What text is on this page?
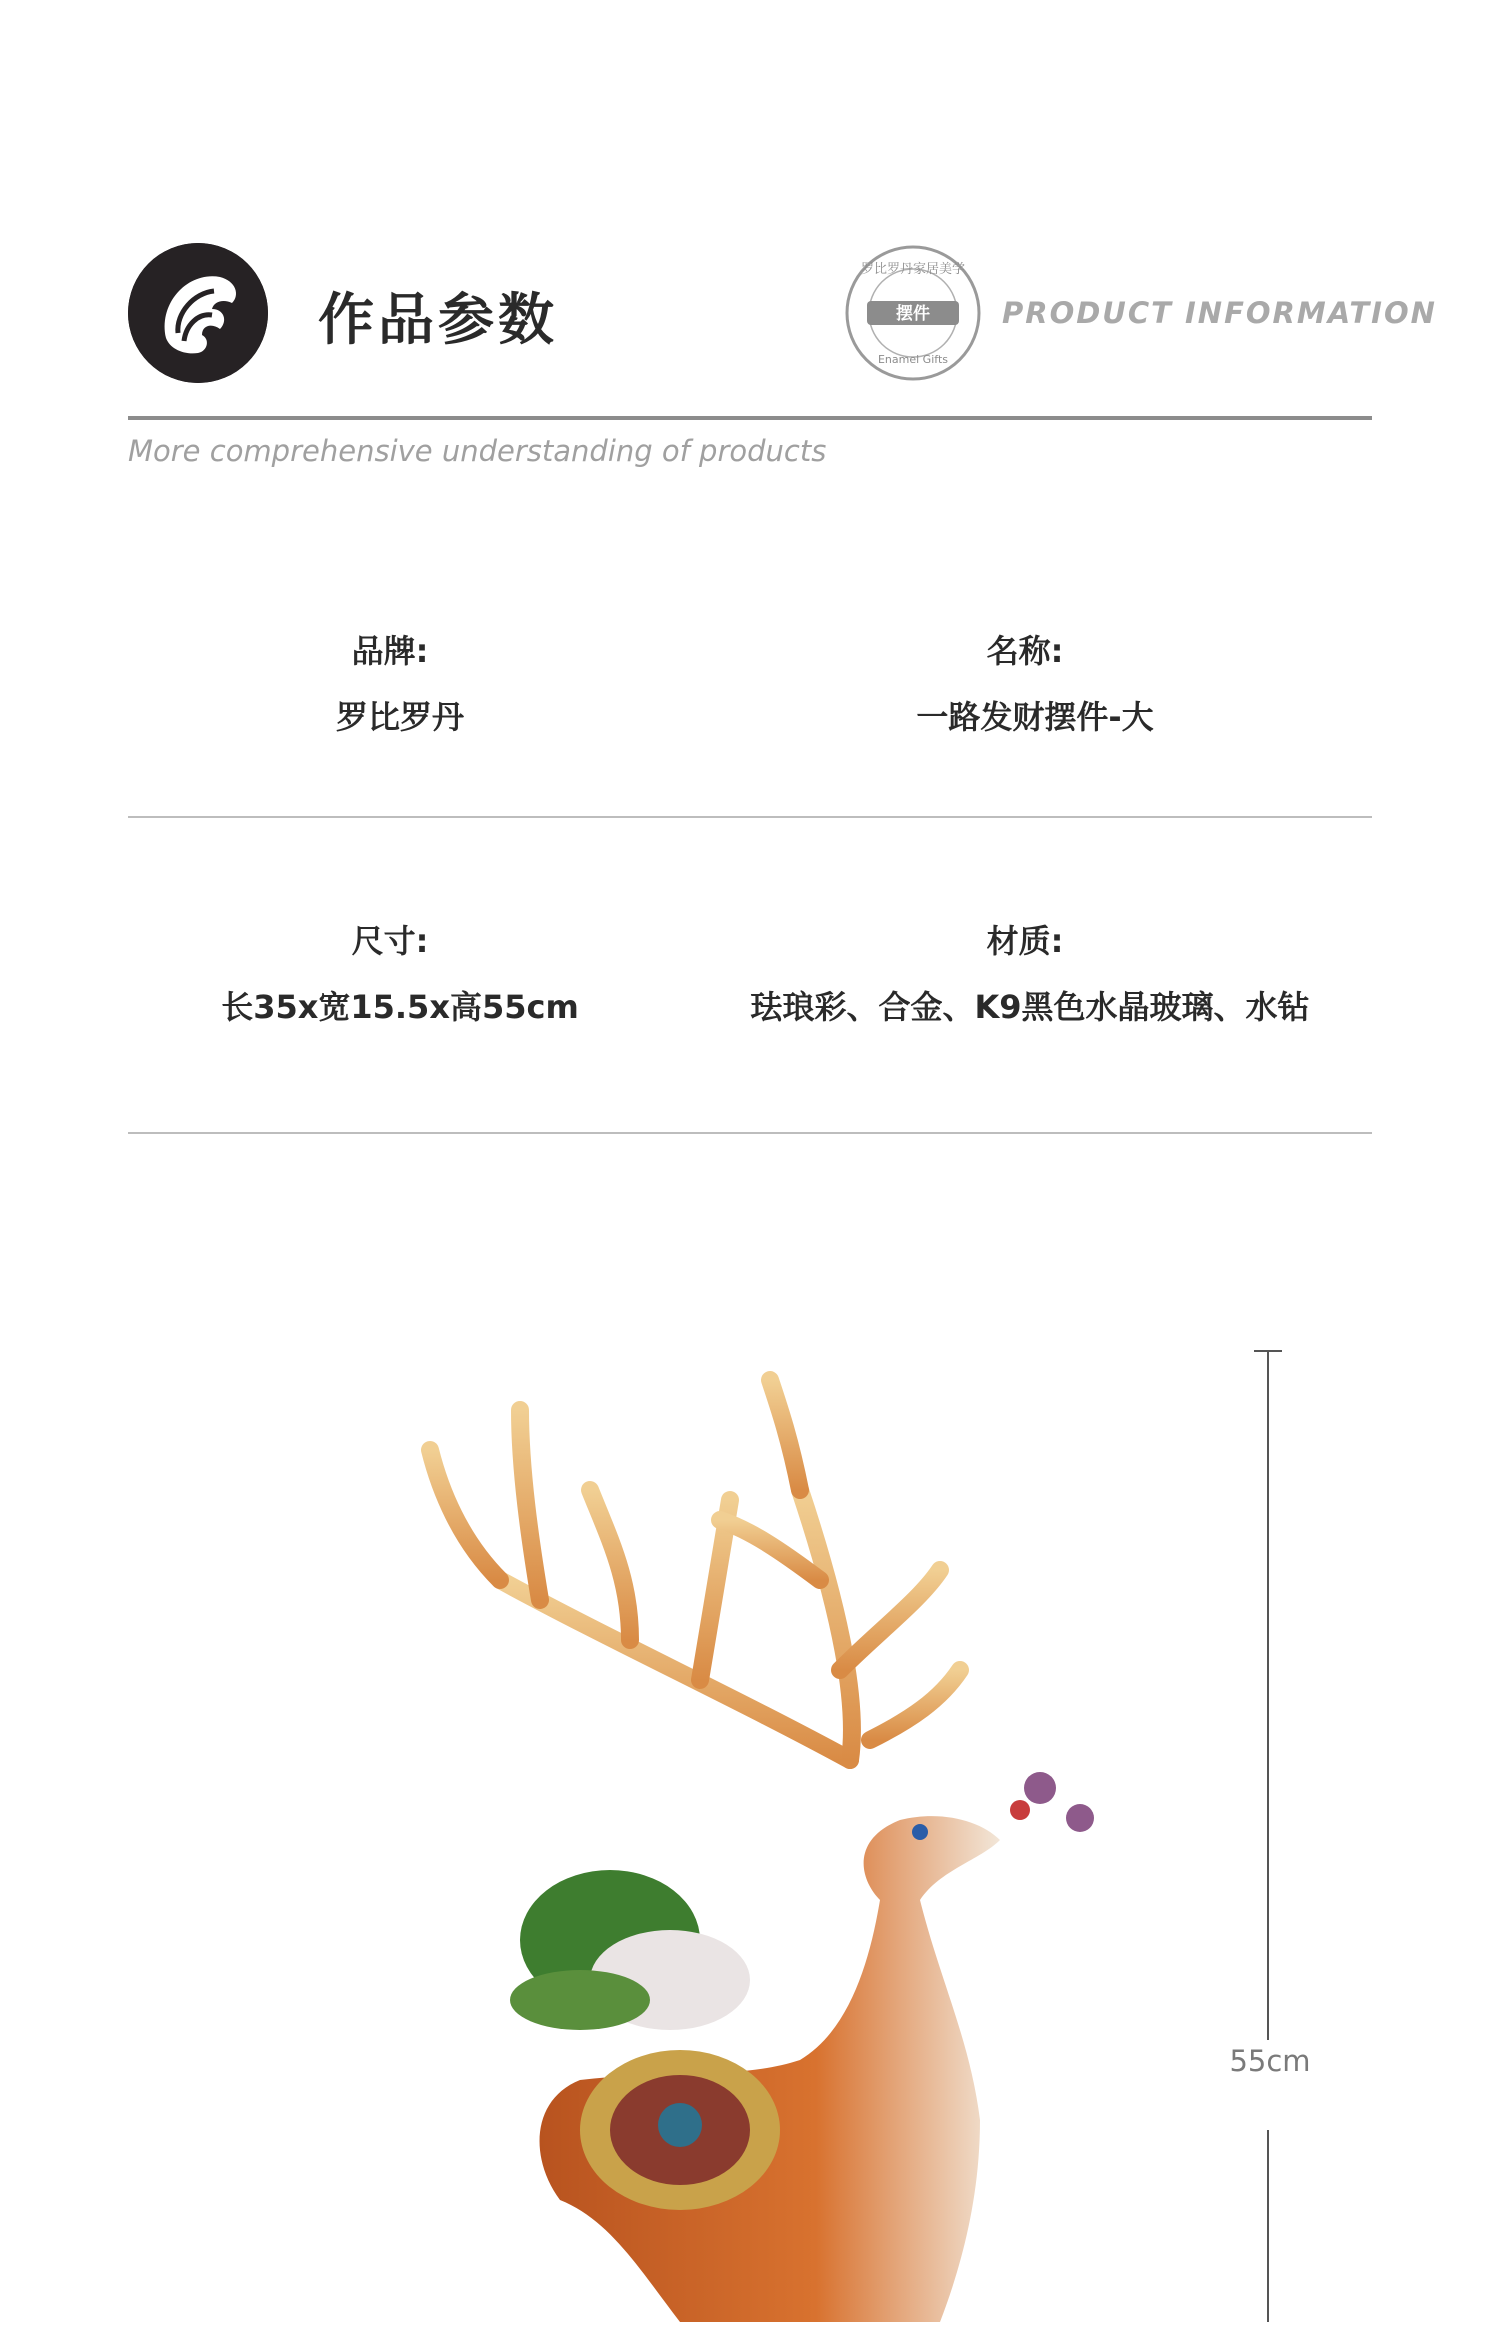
作品参数	摆件
罗比罗丹家居美学
Enamel Gifts
PRODUCT INFORMATION
More comprehensive understanding of products
品牌:
罗比罗丹
名称:
一路发财摆件-大
尺寸:
长35x宽15.5x高55cm
材质:
珐琅彩、合金、K9黑色水晶玻璃、水钻
55cm
